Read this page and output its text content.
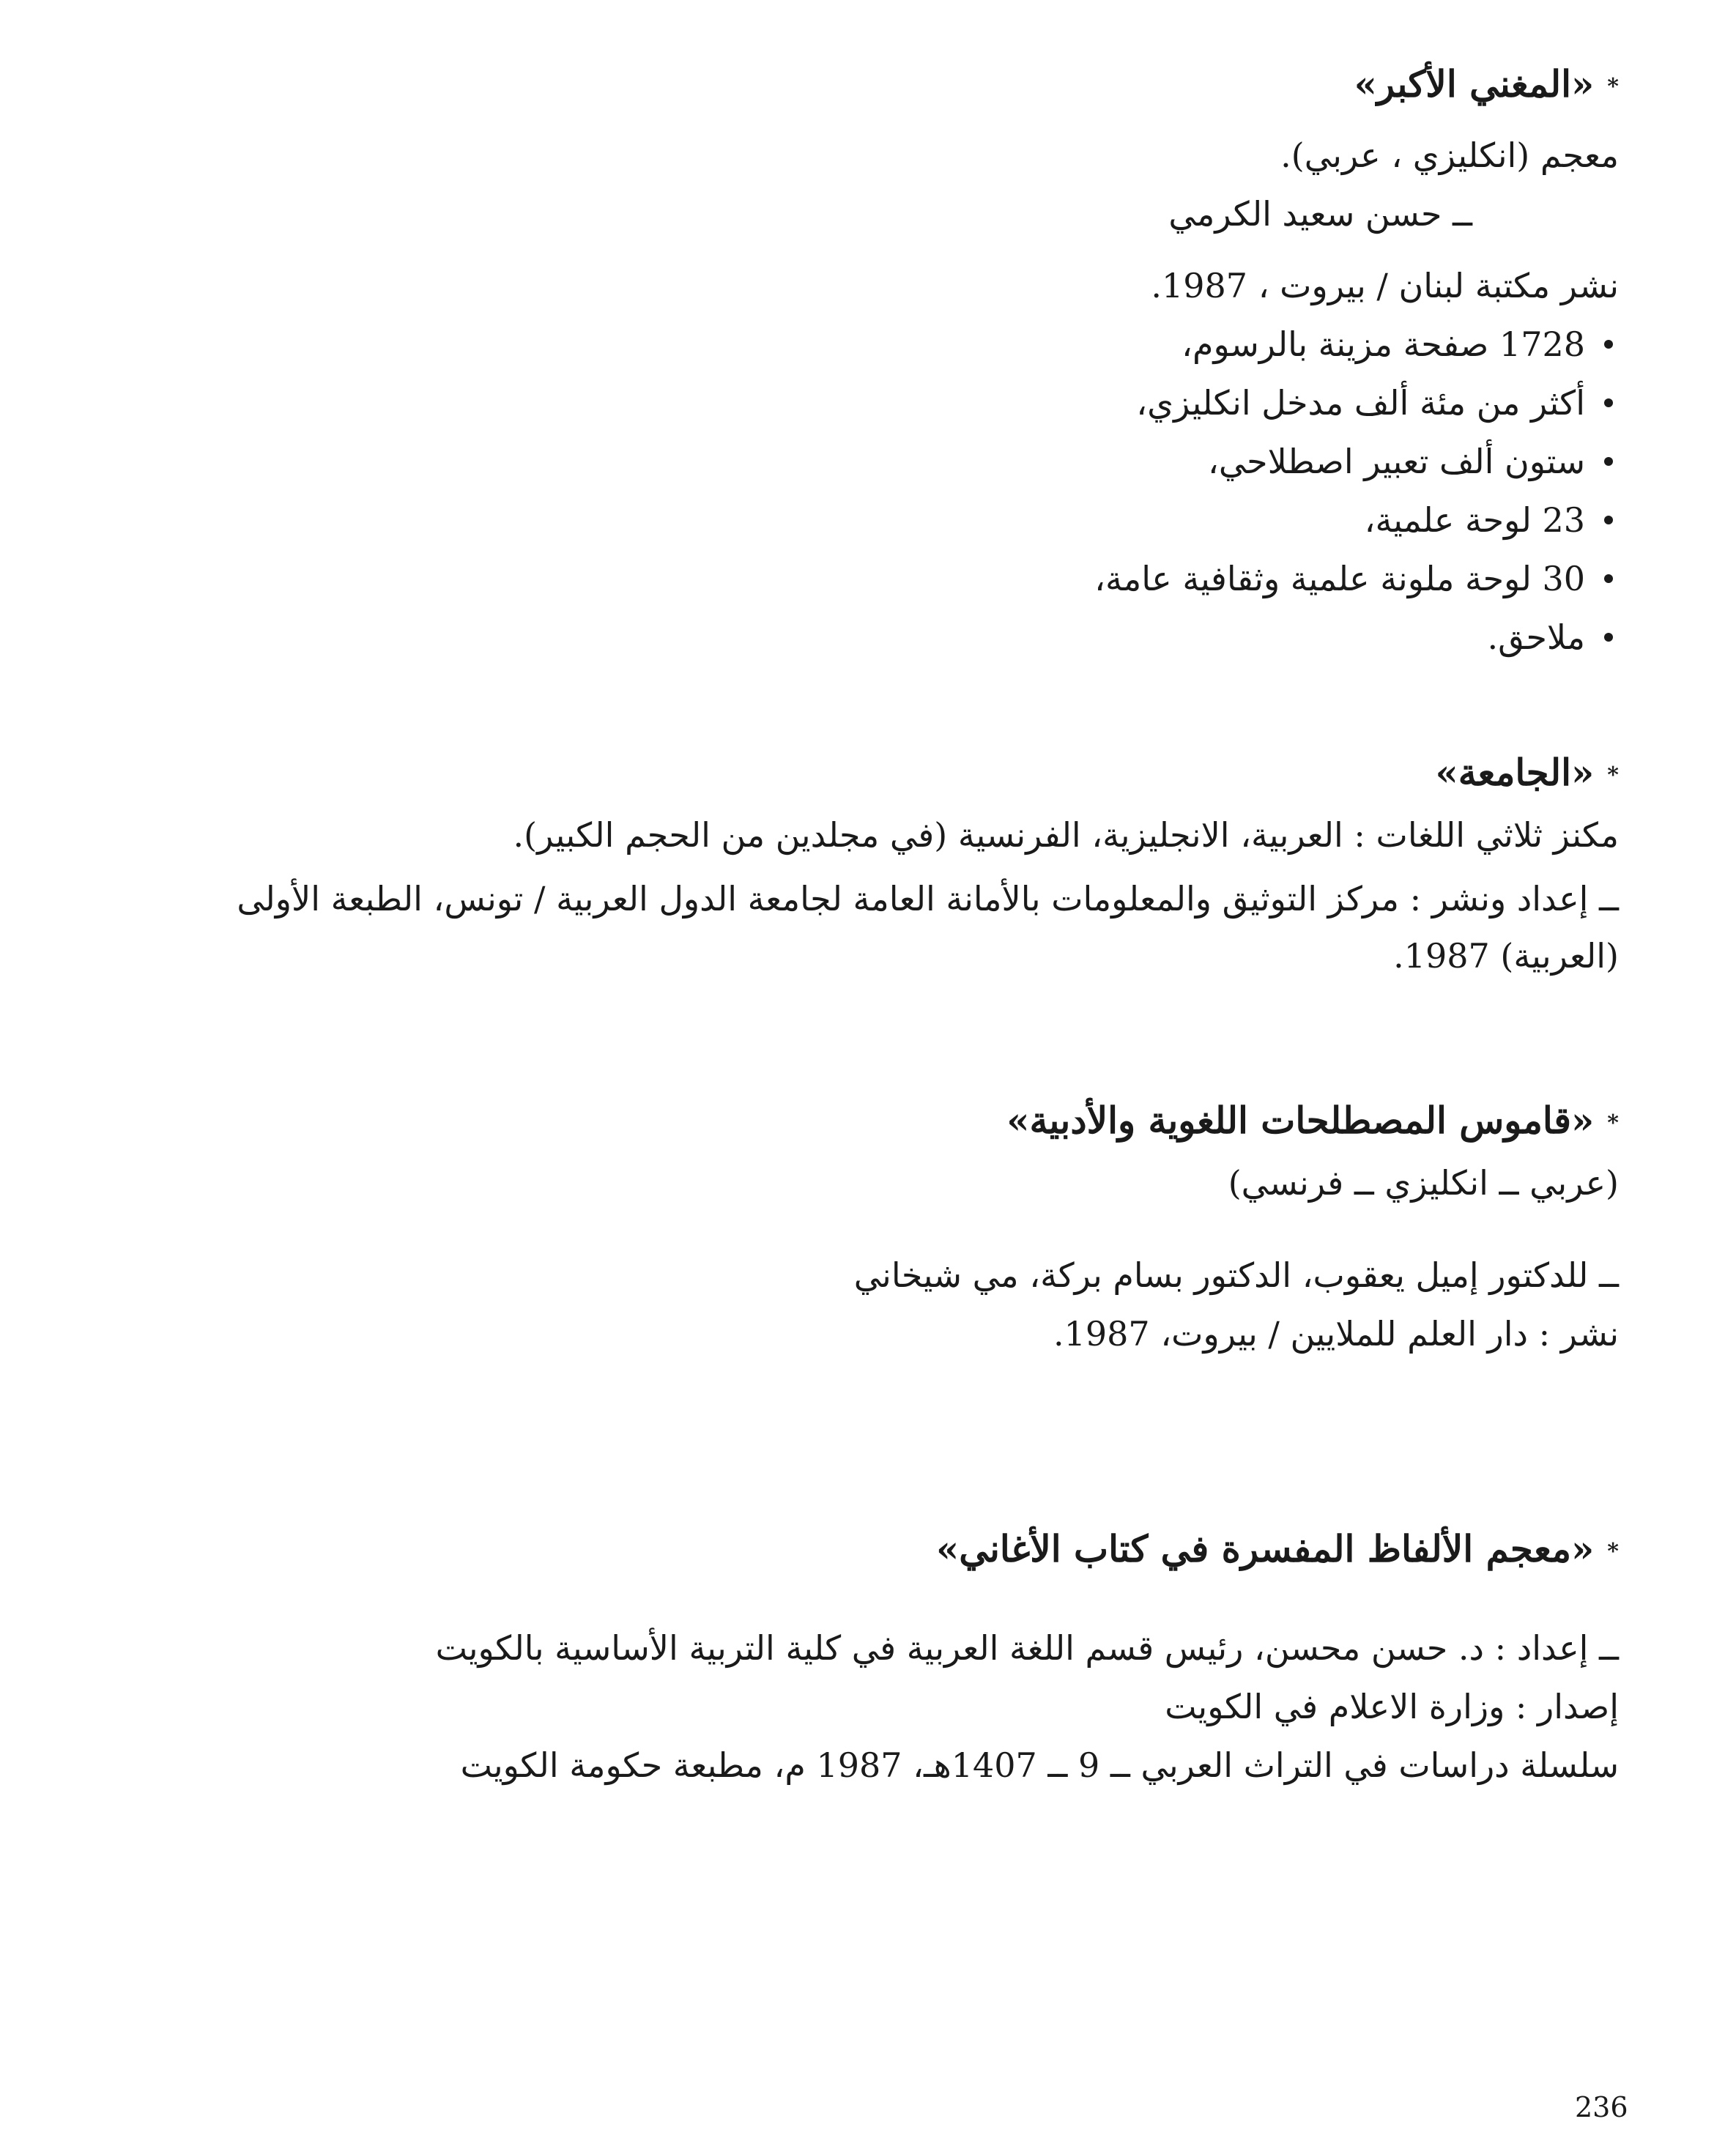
*«المغني الأكبر»

معجم (انكليزي ، عربي).

ــ حسن سعيد الكرمي

نشر مكتبة لبنان / بيروت ، 1987.

1728 صفحة مزينة بالرسوم،
أكثر من مئة ألف مدخل انكليزي،
ستون ألف تعبير اصطلاحي،
23 لوحة علمية،
30 لوحة ملونة علمية وثقافية عامة،
ملاحق.

*«الجامعة»

مكنز ثلاثي اللغات : العربية، الانجليزية، الفرنسية (في مجلدين من الحجم الكبير).

ــ إعداد ونشر : مركز التوثيق والمعلومات بالأمانة العامة لجامعة الدول العربية / تونس، الطبعة الأولى
(العربية) 1987.

*«قاموس المصطلحات اللغوية والأدبية»

(عربي ــ انكليزي ــ فرنسي)

ــ للدكتور إميل يعقوب، الدكتور بسام بركة، مي شيخاني

نشر : دار العلم للملايين / بيروت، 1987.

*«معجم الألفاظ المفسرة في كتاب الأغاني»

ــ إعداد : د. حسن محسن، رئيس قسم اللغة العربية في كلية التربية الأساسية بالكويت

إصدار : وزارة الاعلام في الكويت

سلسلة دراسات في التراث العربي ــ 9 ــ 1407هـ، 1987 م، مطبعة حكومة الكويت

236
